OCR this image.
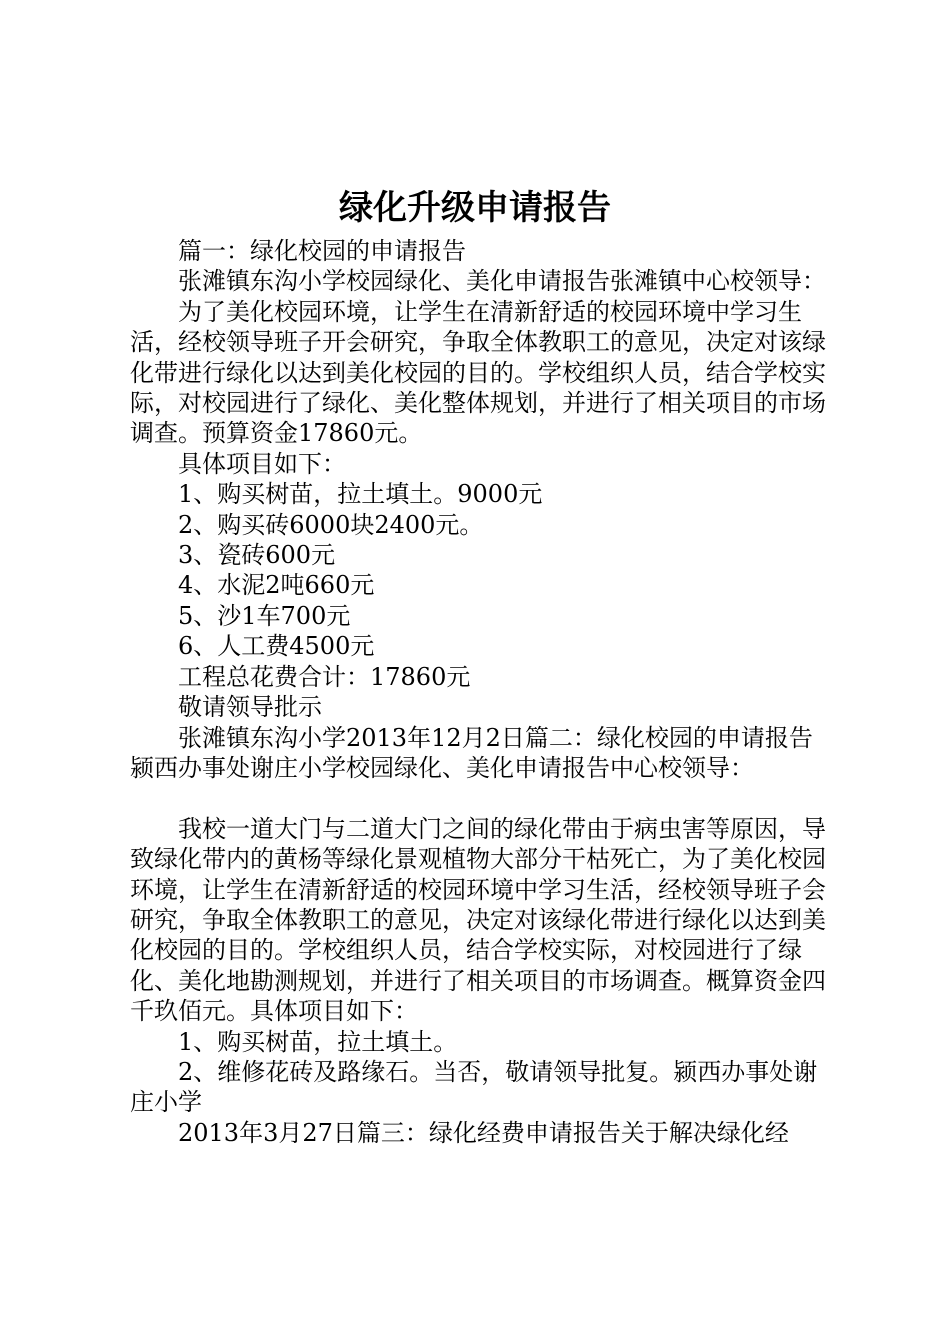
绿化升级申请报告

篇一：绿化校园的申请报告

张滩镇东沟小学校园绿化、美化申请报告张滩镇中心校领导：

为了美化校园环境，让学生在清新舒适的校园环境中学习生活，经校领导班子开会研究，争取全体教职工的意见，决定对该绿化带进行绿化以达到美化校园的目的。学校组织人员，结合学校实际，对校园进行了绿化、美化整体规划，并进行了相关项目的市场调查。预算资金17860元。

具体项目如下：

1、购买树苗，拉土填土。9000元

2、购买砖6000块2400元。

3、瓷砖600元

4、水泥2吨660元

5、沙1车700元

6、人工费4500元

工程总花费合计：17860元

敬请领导批示

张滩镇东沟小学2013年12月2日篇二：绿化校园的申请报告颍西办事处谢庄小学校园绿化、美化申请报告中心校领导：

我校一道大门与二道大门之间的绿化带由于病虫害等原因，导致绿化带内的黄杨等绿化景观植物大部分干枯死亡，为了美化校园环境，让学生在清新舒适的校园环境中学习生活，经校领导班子会研究，争取全体教职工的意见，决定对该绿化带进行绿化以达到美化校园的目的。学校组织人员，结合学校实际，对校园进行了绿化、美化地勘测规划，并进行了相关项目的市场调查。概算资金四千玖佰元。具体项目如下：

1、购买树苗，拉土填土。

2、维修花砖及路缘石。当否，敬请领导批复。颍西办事处谢庄小学

2013年3月27日篇三：绿化经费申请报告关于解决绿化经
